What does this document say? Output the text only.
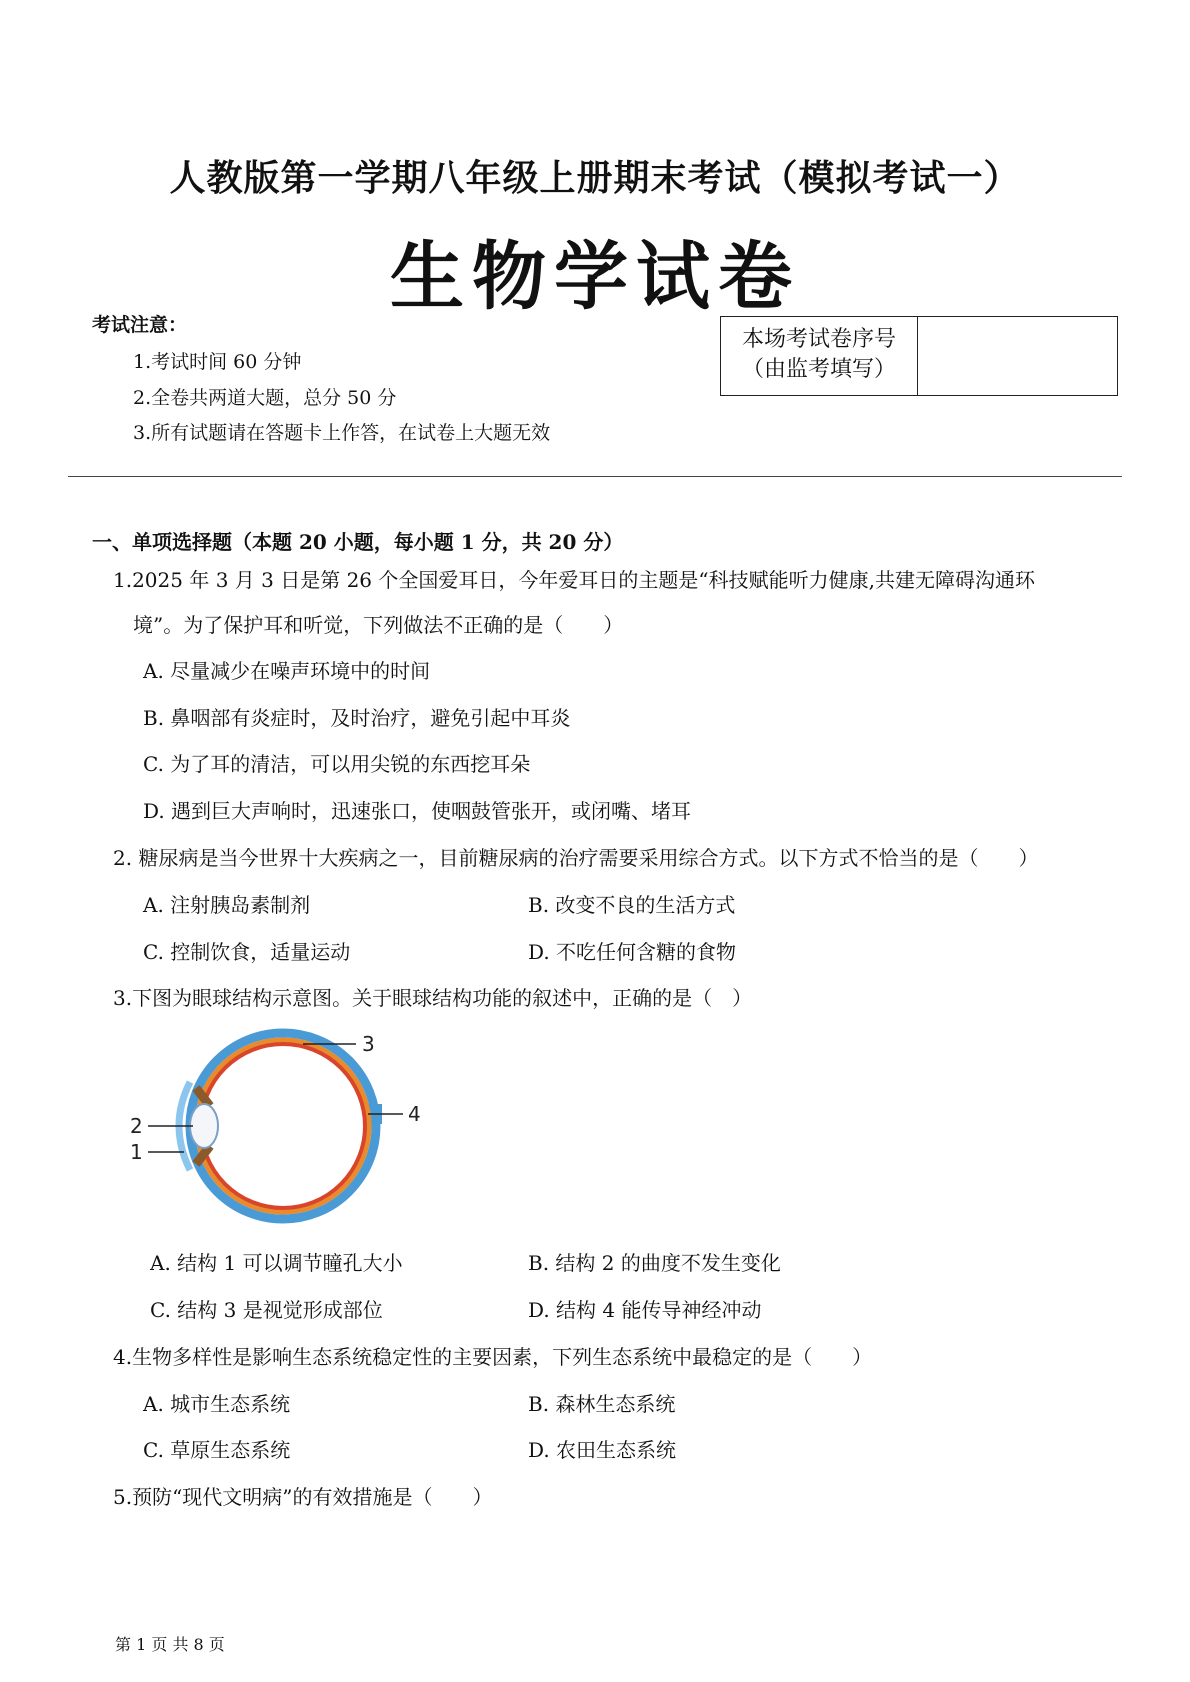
人教版第一学期八年级上册期末考试（模拟考试一）
生物学试卷
考试注意：
1.考试时间 60 分钟
2.全卷共两道大题，总分 50 分
3.所有试题请在答题卡上作答，在试卷上大题无效
本场考试卷序号
（由监考填写）
一、单项选择题（本题 20 小题，每小题 1 分，共 20 分）
1.2025 年 3 月 3 日是第 26 个全国爱耳日，今年爱耳日的主题是“科技赋能听力健康,共建无障碍沟通环
境”。为了保护耳和听觉，下列做法不正确的是（　　）
A. 尽量减少在噪声环境中的时间
B. 鼻咽部有炎症时，及时治疗，避免引起中耳炎
C. 为了耳的清洁，可以用尖锐的东西挖耳朵
D. 遇到巨大声响时，迅速张口，使咽鼓管张开，或闭嘴、堵耳
2. 糖尿病是当今世界十大疾病之一，目前糖尿病的治疗需要采用综合方式。以下方式不恰当的是（　　）
A. 注射胰岛素制剂	B. 改变不良的生活方式
C. 控制饮食，适量运动	D. 不吃任何含糖的食物
3.下图为眼球结构示意图。关于眼球结构功能的叙述中，正确的是（　）
3
4
2
1
A. 结构 1 可以调节瞳孔大小	B. 结构 2 的曲度不发生变化
C. 结构 3 是视觉形成部位	D. 结构 4 能传导神经冲动
4.生物多样性是影响生态系统稳定性的主要因素，下列生态系统中最稳定的是（　　）
A. 城市生态系统	B. 森林生态系统
C. 草原生态系统	D. 农田生态系统
5.预防“现代文明病”的有效措施是（　　）
第 1 页 共 8 页
